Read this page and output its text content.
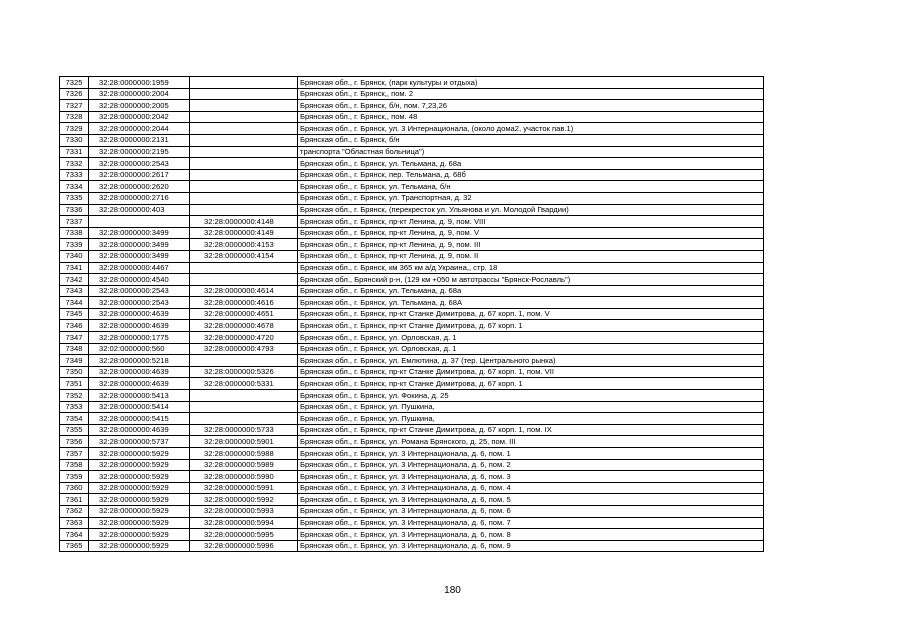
7325	32:28:0000000:1959		Брянская обл., г. Брянск, (парк культуры и отдыха)
7326	32:28:0000000:2004		Брянская обл., г. Брянск,, пом. 2
7327	32:28:0000000:2005		Брянская обл., г. Брянск, б/н, пом. 7,23,26
7328	32:28:0000000:2042		Брянская обл., г. Брянск,, пом. 48
7329	32:28:0000000:2044		Брянская обл., г. Брянск, ул. 3 Интернационала, (около дома2, участок пав.1)
7330	32:28:0000000:2131		Брянская обл., г. Брянск, б/н
7331	32:28:0000000:2195		транспорта "Областная больница")
7332	32:28:0000000:2543		Брянская обл., г. Брянск, ул. Тельмана, д. 68а
7333	32:28:0000000:2617		Брянская обл., г. Брянск, пер. Тельмана, д. 68б
7334	32:28:0000000:2620		Брянская обл., г. Брянск, ул. Тельмана, б/н
7335	32:28:0000000:2716		Брянская обл., г. Брянск, ул. Транспортная, д. 32
7336	32:28:0000000:403		Брянская обл., г. Брянск, (перекресток ул. Ульянова и ул. Молодой Гвардии)
7337		32:28:0000000:4148	Брянская обл., г. Брянск, пр-кт Ленина, д. 9, пом. VIII
7338	32:28:0000000:3499	32:28:0000000:4149	Брянская обл., г. Брянск, пр-кт Ленина, д. 9, пом. V
7339	32:28:0000000:3499	32:28:0000000:4153	Брянская обл., г. Брянск, пр-кт Ленина, д. 9, пом. III
7340	32:28:0000000:3499	32:28:0000000:4154	Брянская обл., г. Брянск, пр-кт Ленина, д. 9, пом. II
7341	32:28:0000000:4467		Брянская обл., г. Брянск, км 365 км а/д Украина,, стр. 18
7342	32:28:0000000:4540		Брянская обл., Брянский р-н, (129 км +050 м автотрассы "Брянск-Рославль")
7343	32:28:0000000:2543	32:28:0000000:4614	Брянская обл., г. Брянск, ул. Тельмана, д. 68а
7344	32:28:0000000:2543	32:28:0000000:4616	Брянская обл., г. Брянск, ул. Тельмана, д. 68А
7345	32:28:0000000:4639	32:28:0000000:4651	Брянская обл., г. Брянск, пр-кт Станке Димитрова, д. 67 корп. 1, пом. V
7346	32:28:0000000:4639	32:28:0000000:4678	Брянская обл., г. Брянск, пр-кт Станке Димитрова, д. 67 корп. 1
7347	32:28:0000000:1775	32:28:0000000:4720	Брянская обл., г. Брянск, ул. Орловская, д. 1
7348	32:02:0000000:560	32:28:0000000:4793	Брянская обл., г. Брянск, ул. Орловская, д. 1
7349	32:28:0000000:5218		Брянская обл., г. Брянск, ул. Емлютина, д. 37 (тер. Центрального рынка)
7350	32:28:0000000:4639	32:28:0000000:5326	Брянская обл., г. Брянск, пр-кт Станке Димитрова, д. 67 корп. 1, пом. VII
7351	32:28:0000000:4639	32:28:0000000:5331	Брянская обл., г. Брянск, пр-кт Станке Димитрова, д. 67 корп. 1
7352	32:28:0000000:5413		Брянская обл., г. Брянск, ул. Фокина, д. 25
7353	32:28:0000000:5414		Брянская обл., г. Брянск, ул. Пушкина,
7354	32:28:0000000:5415		Брянская обл., г. Брянск, ул. Пушкина,
7355	32:28:0000000:4639	32:28:0000000:5733	Брянская обл., г. Брянск, пр-кт Станке Димитрова, д. 67 корп. 1, пом. IX
7356	32:28:0000000:5737	32:28:0000000:5901	Брянская обл., г. Брянск, ул. Романа Брянского, д. 25, пом. III
7357	32:28:0000000:5929	32:28:0000000:5988	Брянская обл., г. Брянск, ул. 3 Интернационала, д. 6, пом. 1
7358	32:28:0000000:5929	32:28:0000000:5989	Брянская обл., г. Брянск, ул. 3 Интернационала, д. 6, пом. 2
7359	32:28:0000000:5929	32:28:0000000:5990	Брянская обл., г. Брянск, ул. 3 Интернационала, д. 6, пом. 3
7360	32:28:0000000:5929	32:28:0000000:5991	Брянская обл., г. Брянск, ул. 3 Интернационала, д. 6, пом. 4
7361	32:28:0000000:5929	32:28:0000000:5992	Брянская обл., г. Брянск, ул. 3 Интернационала, д. 6, пом. 5
7362	32:28:0000000:5929	32:28:0000000:5993	Брянская обл., г. Брянск, ул. 3 Интернационала, д. 6, пом. 6
7363	32:28:0000000:5929	32:28:0000000:5994	Брянская обл., г. Брянск, ул. 3 Интернационала, д. 6, пом. 7
7364	32:28:0000000:5929	32:28:0000000:5995	Брянская обл., г. Брянск, ул. 3 Интернационала, д. 6, пом. 8
7365	32:28:0000000:5929	32:28:0000000:5996	Брянская обл., г. Брянск, ул. 3 Интернационала, д. 6, пом. 9
180
